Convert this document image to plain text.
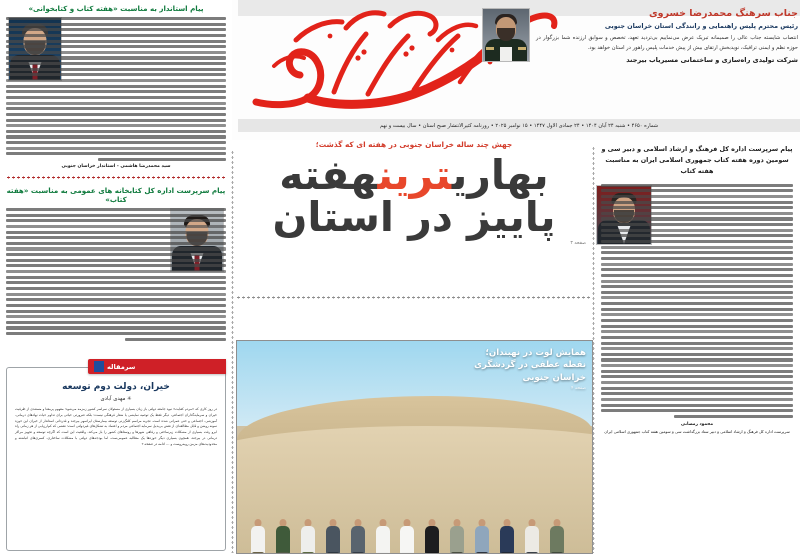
جناب سرهنگ محمدرضا خسروی
رئیس محترم پلیس راهنمایی و رانندگی استان خراسان جنوبی
انتصاب شایسته جناب عالی را صمیمانه تبریک عرض می‌نماییم بی‌تردید تعهد، تخصص و سوابق ارزنده شما بزرگوار در حوزه نظم و ایمنی ترافیک، نویدبخش ارتقای بیش از پیش خدمات پلیس راهور در استان خواهد بود.
شرکت تولیدی راه‌سازی و ساختمانی مسیریاب بیرجند
شماره ۴۶۵۰ • شنبه ۲۴ آبان ۱۴۰۴ • ۲۴ جمادی الاول ۱۴۴۷ • ۱۵ نوامبر ۲۰۲۵ • روزنامه کثیرالانتشار صبح استان • سال بیست و نهم
پیام استاندار به مناسبت «هفته کتاب و کتابخوانی»
سید محمدرضا هاشمی - استاندار خراسان جنوبی
پیام سرپرست اداره کل کتابخانه های عمومی به مناسبت «هفته کتاب»
سرمقاله
خیران، دولت دوم توسعه
✳ مهدی آبادی
در روز کاری که «مردم کفایت» نبود جامعه دولتی باز زبان بسیاری از مسئولان سراسر کشور زمزمه می‌شود؛ مفهوم پرمعنا و مستندی از ظرفیت خیران و سرمایه‌گذاران اجتماعی، دیگر فقط یک توصیه نمایشی یا شعار فرهنگی نیست؛ بلکه ضرورتی حیاتی برای تداوم حیات نهادهای درمانی، آموزشی، اجتماعی و حتی عمرانی شده است. تجربه مراسم کلنگ‌زنی توسعه بیمارستان ایرانمهر بیرجند و قدردانی استاندار از خیران این حوزه نمونه روشن و قابل مطالعه‌ای از نقش بی‌بدیل سرمایه اجتماعی مردم و اعتماد به تشکل‌های غیردولتی است؛ نقشی که کم‌ارزیابی از هر زمانی راه ابرو رفت بسیاری از مشکلات زیرساختی و رفاهی شهرها و روستاهای کشور را باز می‌کند. واقعیت این است که اگرچه توسعه و تجهیز مراکز درمانی در بیرجند، همچون بسیاری دیگر حوزه‌ها یک مطالبه عمومی‌ست، اما بودجه‌های دولتی با مشکلات ساختاری، کسری‌های انباشته و محدودیت‌های مزمن روبه‌روست و … ادامه در صفحه ۲
جهش چند ساله خراسان جنوبی در هفته ای که گذشت؛
بهاریترینهفته
پاییز در استان
صفحه ۳
همایش لوت در نهبندان؛
نقطه عطفی در گردشگری
خراسان جنوبی
صفحه ۴
پیام سرپرست اداره کل فرهنگ و ارشاد اسلامی و دبیر سی و سومین دوره هفته کتاب جمهوری اسلامی ایران به مناسبت هفته کتاب
محمود رمضانی
سرپرست اداره کل فرهنگ و ارشاد اسلامی و دبیر ستاد بزرگداشت سی و سومین هفته کتاب جمهوری اسلامی ایران
